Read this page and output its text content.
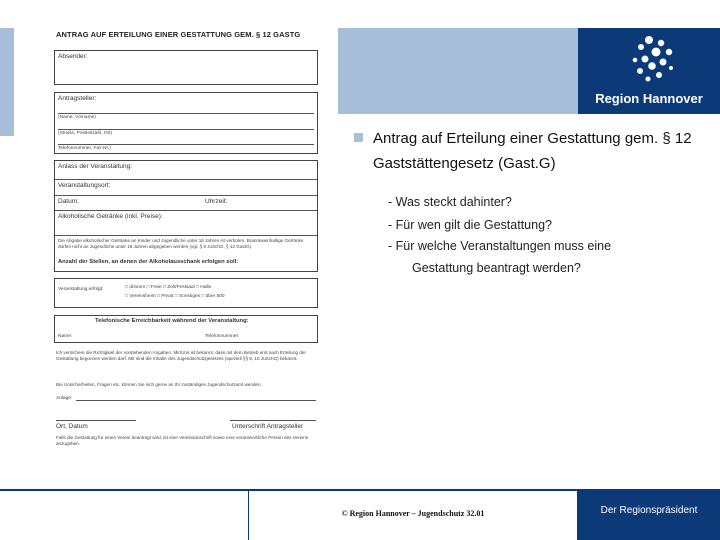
Region Hannover
ANTRAG AUF ERTEILUNG EINER GESTATTUNG GEM. § 12 GASTG
Absender:
Antragsteller:
(Name, Vorname)
(Straße, Postleitzahl, Ort)
Telefonnummer, Fax-Nr.)
Anlass der Veranstaltung:
Veranstaltungsort:
Datum:	Uhrzeit:
Alkoholische Getränke (inkl. Preise):
Die Abgabe alkoholischer Getränke an Kinder und Jugendliche unter 16 Jahren ist verboten. Branntweinhaltige Getränke dürfen nicht an Jugendliche unter 18 Jahren abgegeben werden (vgl. § 9 JuSchG, § 12 GastG).
Anzahl der Stellen, an denen der Alkoholausschank erfolgen soll:
Veranstaltung erfolgt:	□ drinnen □ Freie □ Zelt/Festsaal □ Halle
□ Vereinsheim □ Privat □ Sonstiges □ über 500
Telefonische Erreichbarkeit während der Veranstaltung:
Name:	Telefonnummer:
Ich versichere die Richtigkeit der vorstehenden Angaben. Mir/Uns ist bekannt, dass mit dem Betrieb erst nach Erteilung der Gestattung begonnen werden darf. Mir sind die Inhalte des Jugendschutzgesetzes (speziell §§ 9, 10 JuSchG) bekannt.
Bei Unsicherheiten, Fragen etc. können Sie sich gerne an Ihr zuständiges Jugendschutzamt wenden.
Anlage:
Ort, Datum	Unterschrift Antragsteller
Falls die Gestattung für einen Verein beantragt wird, ist eine Vereinsanschrift sowie eine verantwortliche Person des Vereins anzugeben.
Antrag auf Erteilung einer Gestattung gem. § 12 Gaststättengesetz (Gast.G)
- Was steckt dahinter?
- Für wen gilt die Gestattung?
- Für welche Veranstaltungen muss eine
Gestattung beantragt werden?
© Region Hannover – Jugendschutz 32.01	Der Regionspräsident
